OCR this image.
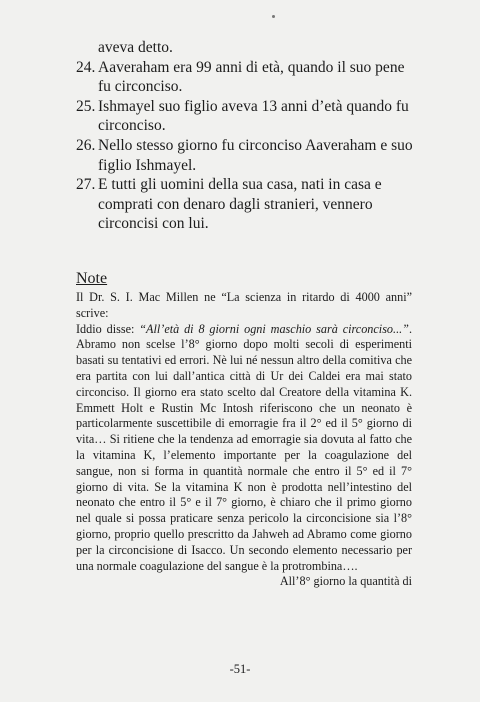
aveva detto.
24. Aaveraham era 99 anni di età, quando il suo pene fu circonciso.
25. Ishmayel suo figlio aveva 13 anni d’età quando fu circonciso.
26. Nello stesso giorno fu circonciso Aaveraham e suo figlio Ishmayel.
27. E tutti gli uomini della sua casa, nati in casa e comprati con denaro dagli stranieri, vennero circoncisi con lui.
Note

Il Dr. S. I. Mac Millen ne “La scienza in ritardo di 4000 anni” scrive:

Iddio disse: “All’età di 8 giorni ogni maschio sarà circonciso...”. Abramo non scelse l’8° giorno dopo molti secoli di esperimenti basati su tentativi ed errori. Nè lui né nessun altro della comitiva che era partita con lui dall’antica città di Ur dei Caldei era mai stato circonciso. Il giorno era stato scelto dal Creatore della vitamina K. Emmett Holt e Rustin Mc Intosh riferiscono che un neonato è particolarmente suscettibile di emorragie fra il 2° ed il 5° giorno di vita… Si ritiene che la tendenza ad emorragie sia dovuta al fatto che la vitamina K, l’elemento importante per la coagulazione del sangue, non si forma in quantità normale che entro il 5° ed il 7° giorno di vita. Se la vitamina K non è prodotta nell’intestino del neonato che entro il 5° e il 7° giorno, è chiaro che il primo giorno nel quale si possa praticare senza pericolo la circoncisione sia l’8° giorno, proprio quello prescritto da Jahweh ad Abramo come giorno per la circoncisione di Isacco. Un secondo elemento necessario per una normale coagulazione del sangue è la protrombina….

All’8° giorno la quantità di

-51-
